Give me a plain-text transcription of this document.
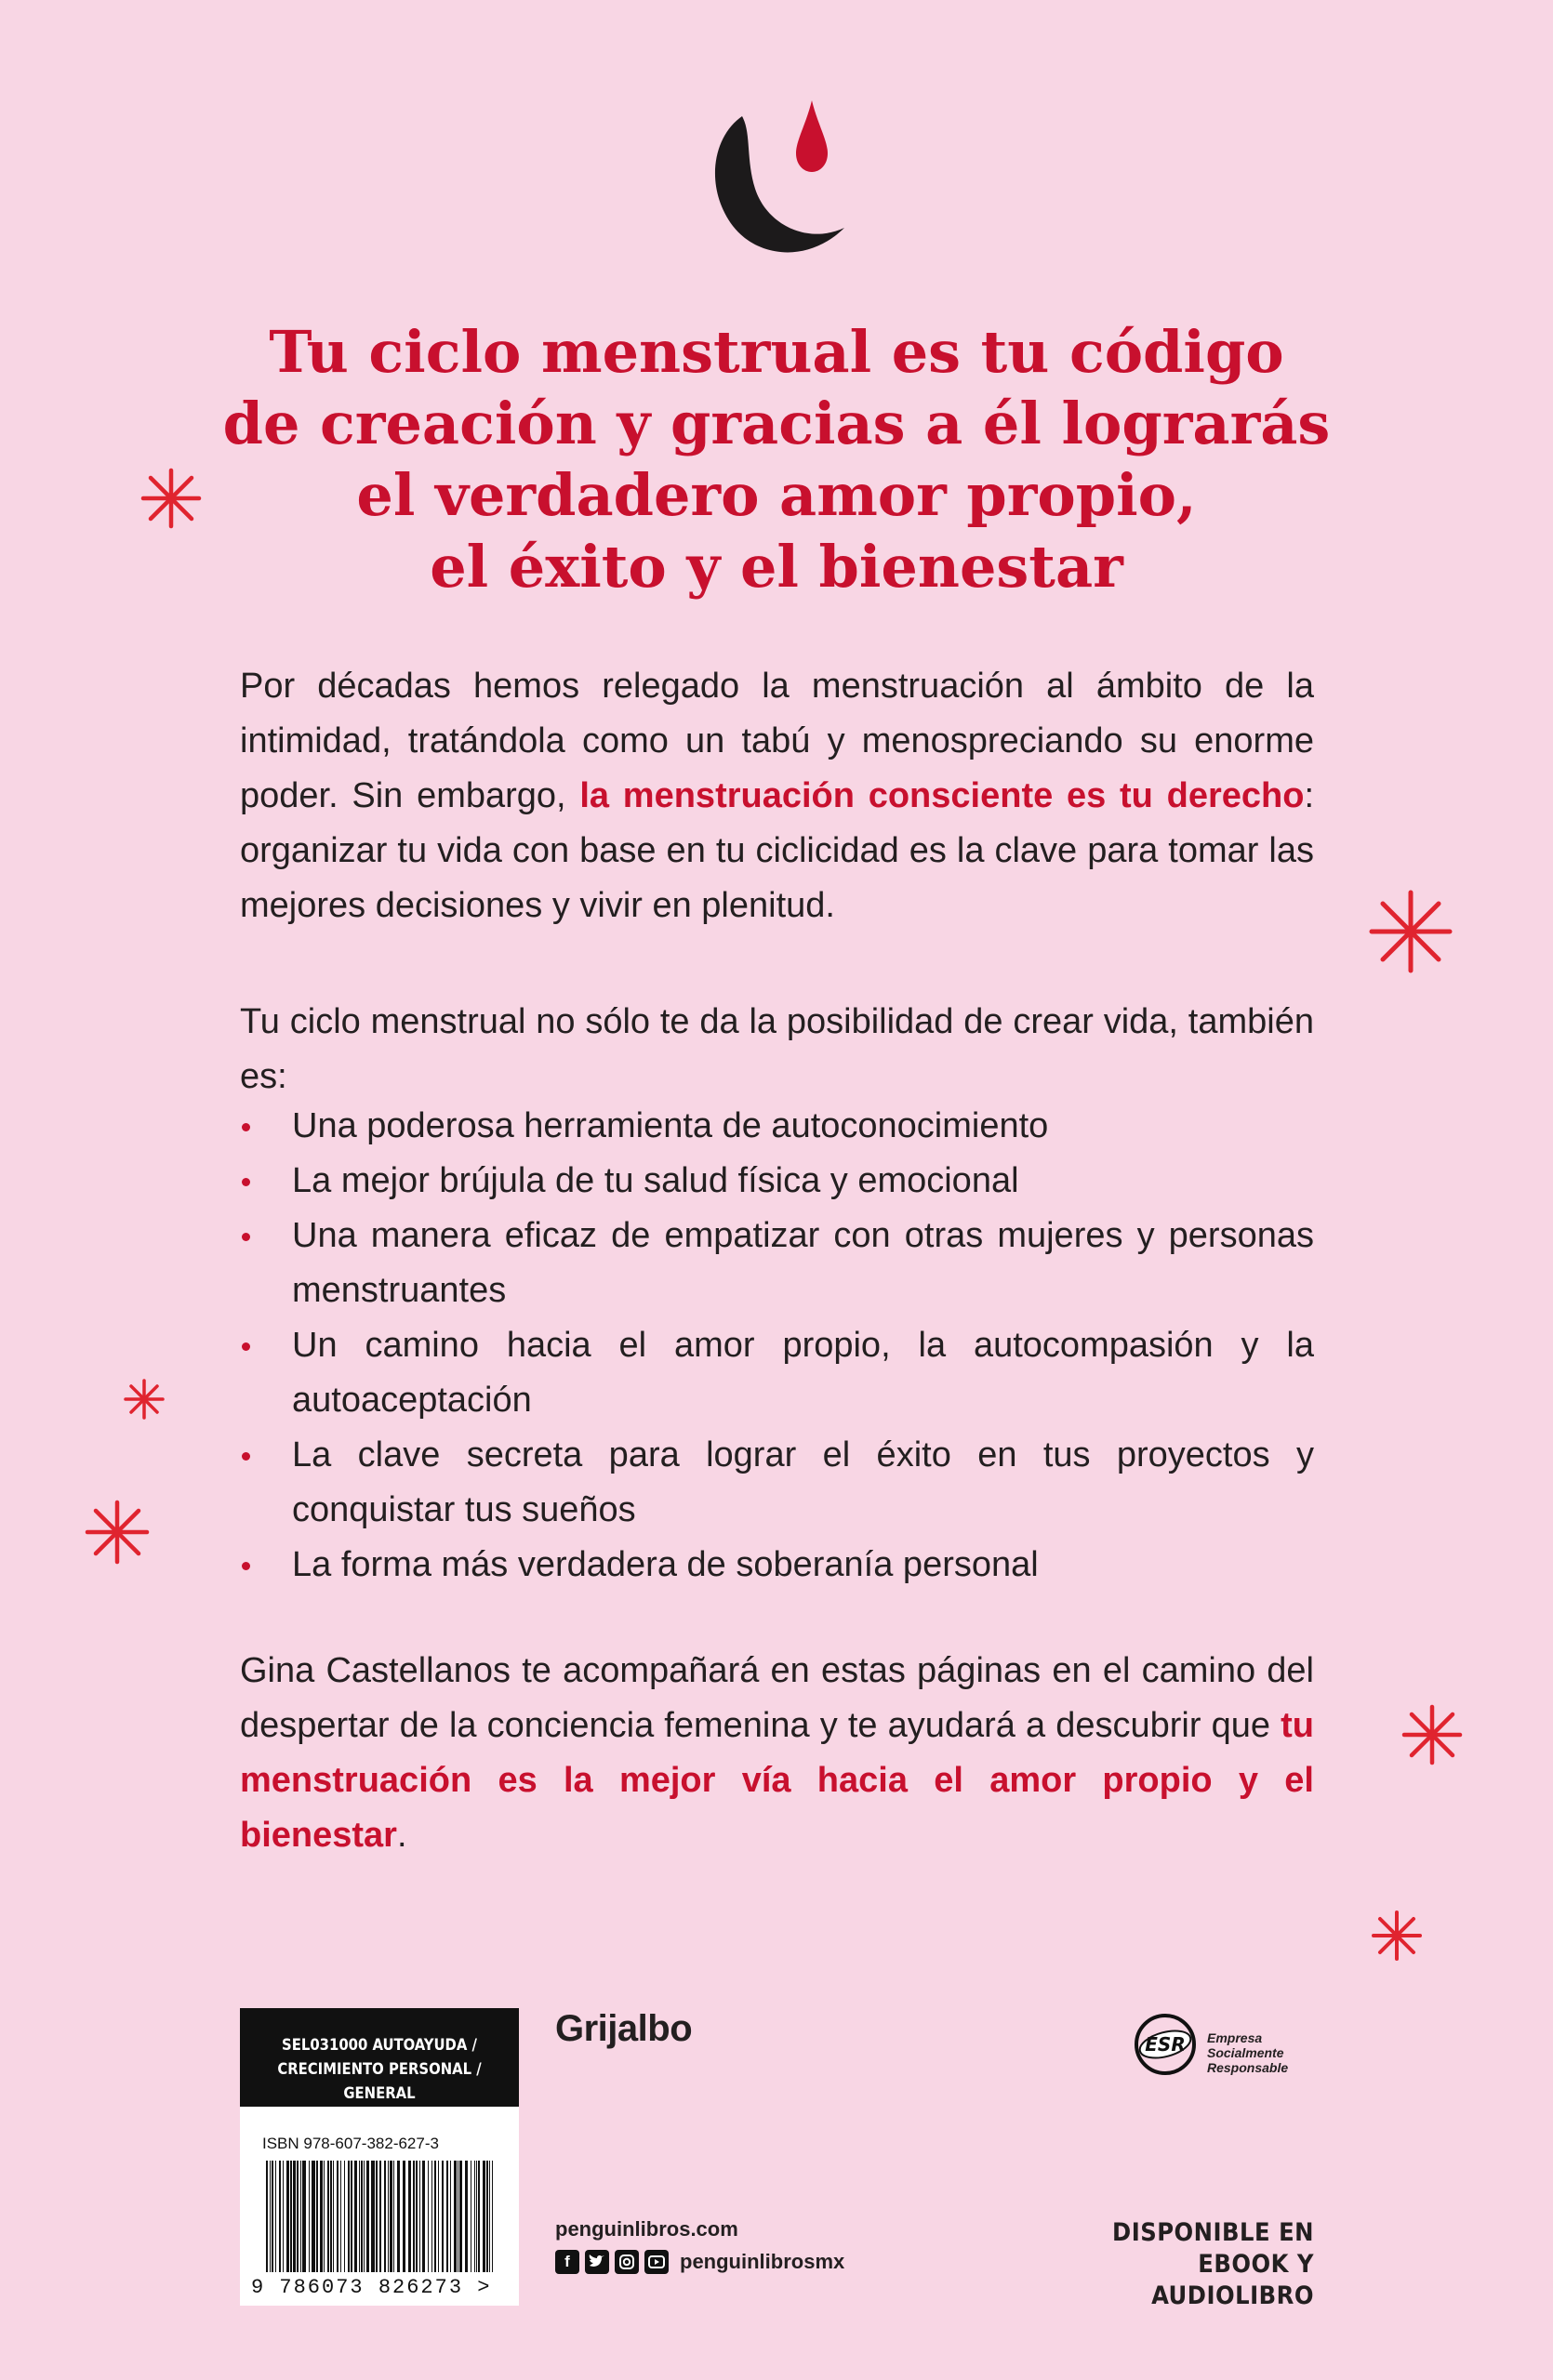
Tu ciclo menstrual es tu código
de creación y gracias a él lograrás
el verdadero amor propio,
el éxito y el bienestar
Por décadas hemos relegado la menstruación al ámbito de la intimidad, tratándola como un tabú y menospreciando su enorme poder. Sin embargo, la menstruación consciente es tu derecho: organizar tu vida con base en tu ciclicidad es la clave para tomar las mejores decisiones y vivir en plenitud.
Tu ciclo menstrual no sólo te da la posibilidad de crear vida, también es:
Una poderosa herramienta de autoconocimiento
La mejor brújula de tu salud física y emocional
Una manera eficaz de empatizar con otras mujeres y personas menstruantes
Un camino hacia el amor propio, la autocompasión y la autoaceptación
La clave secreta para lograr el éxito en tus proyectos y conquistar tus sueños
La forma más verdadera de soberanía personal
Gina Castellanos te acompañará en estas páginas en el camino del despertar de la conciencia femenina y te ayudará a descubrir que tu menstruación es la mejor vía hacia el amor propio y el bienestar.
SEL031000 AUTOAYUDA /
CRECIMIENTO PERSONAL / GENERAL
ISBN 978-607-382-627-3
9 786073 826273 >
Grijalbo
penguinlibros.com
f	penguinlibrosmx
ESR Empresa
Socialmente
Responsable
DISPONIBLE EN
EBOOK Y AUDIOLIBRO
